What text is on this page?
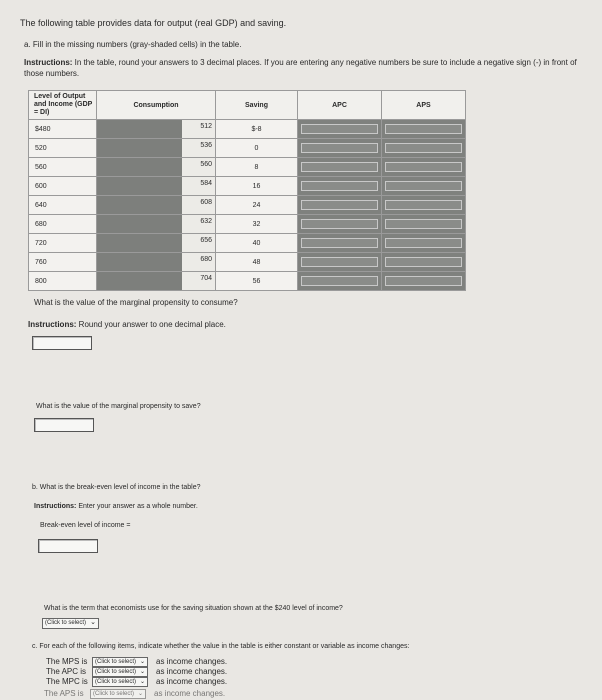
The following table provides data for output (real GDP) and saving.
a. Fill in the missing numbers (gray-shaded cells) in the table.
Instructions: In the table, round your answers to 3 decimal places. If you are entering any negative numbers be sure to include a negative sign (-) in front of those numbers.
Level of Output and Income (GDP = DI)	Consumption	Saving	APC	APS
$480	512	$-8	

520	536	0	

560	560	8	

600	584	16	

640	608	24	

680	632	32	

720	656	40	

760	680	48	

800	704	56	

What is the value of the marginal propensity to consume?
Instructions: Round your answer to one decimal place.
What is the value of the marginal propensity to save?
b. What is the break-even level of income in the table?
Instructions: Enter your answer as a whole number.
Break-even level of income =
What is the term that economists use for the saving situation shown at the $240 level of income?
(Click to select) ⌄
c. For each of the following items, indicate whether the value in the table is either constant or variable as income changes:
The MPS is	(Click to select) ⌄ as income changes.
The APC is	(Click to select) ⌄ as income changes.
The MPC is	(Click to select) ⌄ as income changes.
The APS is	(Click to select) ⌄ as income changes.
